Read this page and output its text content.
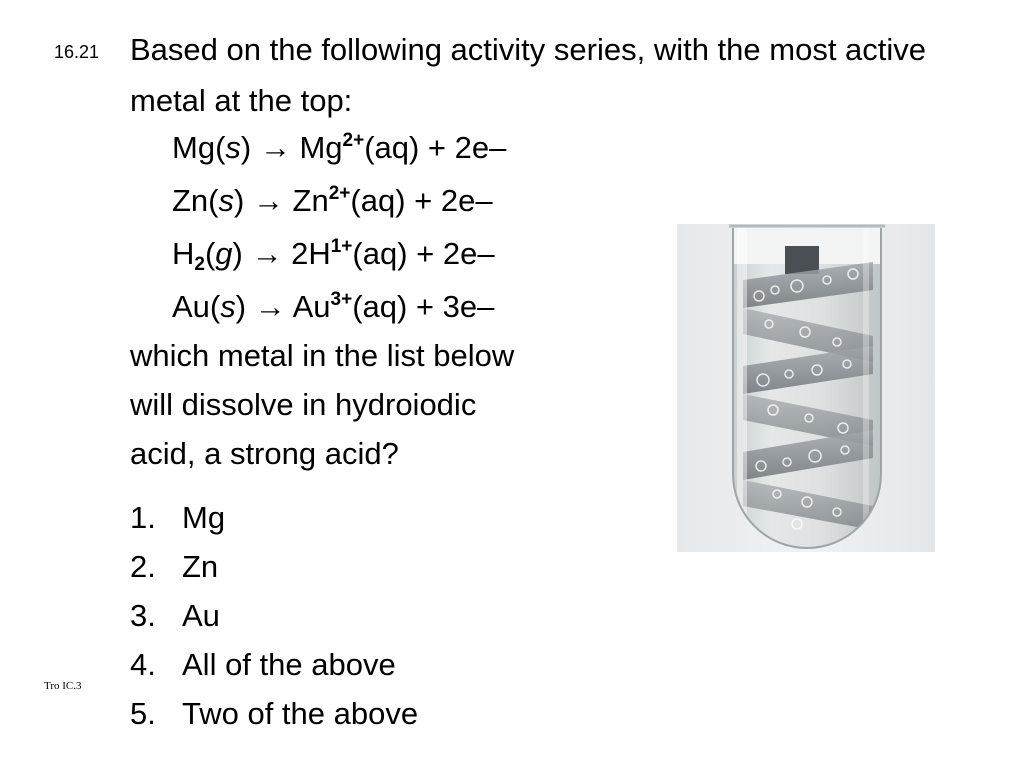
16.21 Based on the following activity series, with the most active metal at the top:
$Mg(s) \to Mg^{2+}(aq) + 2e-$
$Zn(s) \to Zn^{2+}(aq) + 2e-$
$H_2(g) \to 2H^{1+}(aq) + 2e-$
$Au(s) \to Au^{3+}(aq) + 3e-$
which metal in the list below
will dissolve in hydroiodic
acid, a strong acid?
1. Mg
2. Zn
3. Au
4. All of the above
5. Two of the above
Tro IC.3
